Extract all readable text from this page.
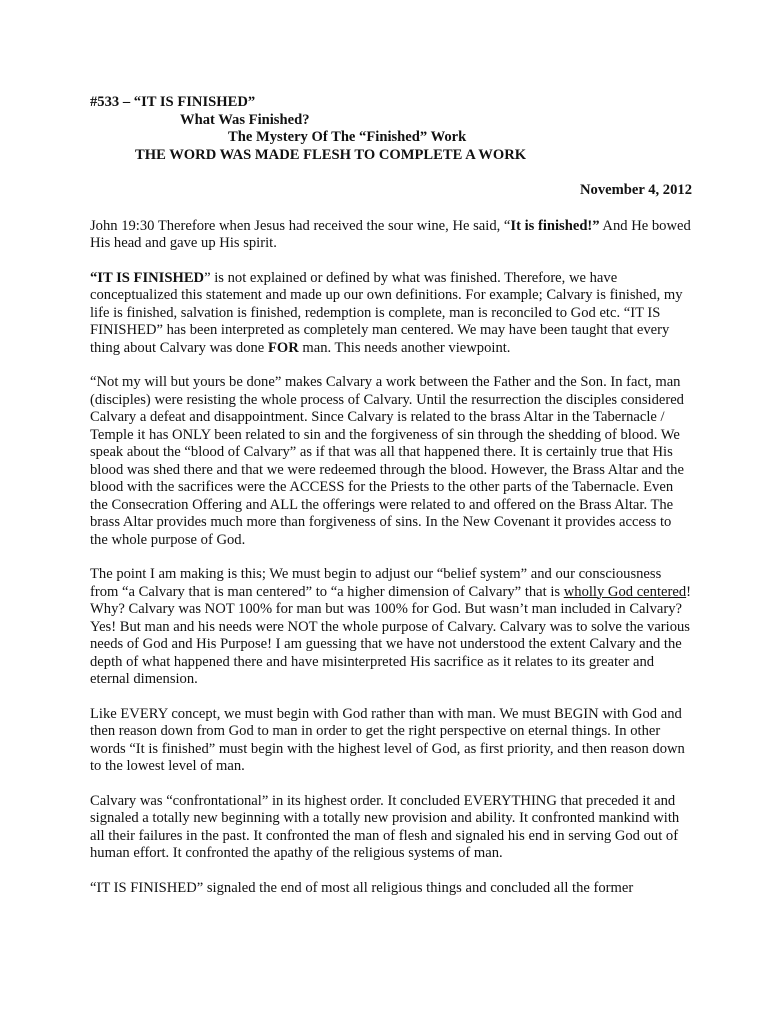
#533 – “IT IS FINISHED”
What Was Finished?
The Mystery Of The “Finished” Work
THE WORD WAS MADE FLESH TO COMPLETE A WORK
November 4, 2012

John 19:30 Therefore when Jesus had received the sour wine, He said, “It is finished!” And He bowed His head and gave up His spirit.

“IT IS FINISHED” is not explained or defined by what was finished. Therefore, we have conceptualized this statement and made up our own definitions. For example; Calvary is finished, my life is finished, salvation is finished, redemption is complete, man is reconciled to God etc. “IT IS FINISHED” has been interpreted as completely man centered. We may have been taught that every thing about Calvary was done FOR man. This needs another viewpoint.

“Not my will but yours be done” makes Calvary a work between the Father and the Son. In fact, man (disciples) were resisting the whole process of Calvary. Until the resurrection the disciples considered Calvary a defeat and disappointment. Since Calvary is related to the brass Altar in the Tabernacle / Temple it has ONLY been related to sin and the forgiveness of sin through the shedding of blood. We speak about the “blood of Calvary” as if that was all that happened there. It is certainly true that His blood was shed there and that we were redeemed through the blood. However, the Brass Altar and the blood with the sacrifices were the ACCESS for the Priests to the other parts of the Tabernacle. Even the Consecration Offering and ALL the offerings were related to and offered on the Brass Altar. The brass Altar provides much more than forgiveness of sins. In the New Covenant it provides access to the whole purpose of God.

The point I am making is this; We must begin to adjust our “belief system” and our consciousness from “a Calvary that is man centered” to “a higher dimension of Calvary” that is wholly God centered! Why? Calvary was NOT 100% for man but was 100% for God. But wasn’t man included in Calvary? Yes! But man and his needs were NOT the whole purpose of Calvary. Calvary was to solve the various needs of God and His Purpose! I am guessing that we have not understood the extent Calvary and the depth of what happened there and have misinterpreted His sacrifice as it relates to its greater and eternal dimension.

Like EVERY concept, we must begin with God rather than with man. We must BEGIN with God and then reason down from God to man in order to get the right perspective on eternal things. In other words “It is finished” must begin with the highest level of God, as first priority, and then reason down to the lowest level of man.

Calvary was “confrontational” in its highest order. It concluded EVERYTHING that preceded it and signaled a totally new beginning with a totally new provision and ability. It confronted mankind with all their failures in the past. It confronted the man of flesh and signaled his end in serving God out of human effort. It confronted the apathy of the religious systems of man.

“IT IS FINISHED” signaled the end of most all religious things and concluded all the former
